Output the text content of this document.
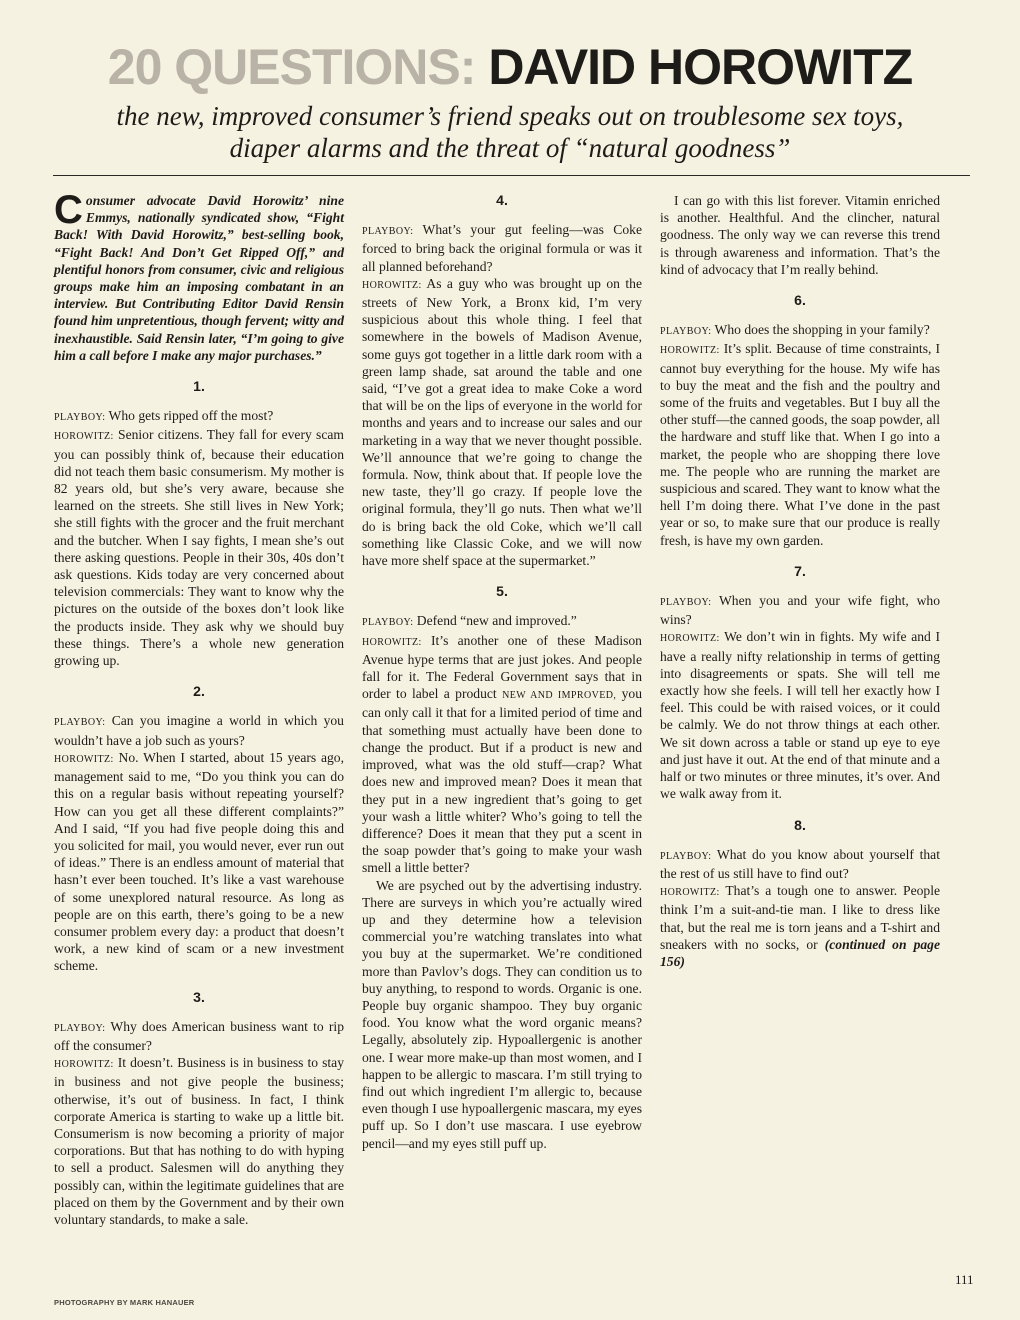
20 QUESTIONS: DAVID HOROWITZ
the new, improved consumer’s friend speaks out on troublesome sex toys, diaper alarms and the threat of “natural goodness”

Consumer advocate David Horowitz’ nine Emmys, nationally syndicated show, “Fight Back! With David Horowitz,” best-selling book, “Fight Back! And Don’t Get Ripped Off,” and plentiful honors from consumer, civic and religious groups make him an imposing combatant in an interview. But Contributing Editor David Rensin found him unpretentious, though fervent; witty and inexhaustible. Said Rensin later, “I’m going to give him a call before I make any major purchases.”

1.

PLAYBOY: Who gets ripped off the most?

HOROWITZ: Senior citizens. They fall for every scam you can possibly think of, because their education did not teach them basic consumerism. My mother is 82 years old, but she’s very aware, because she learned on the streets. She still lives in New York; she still fights with the grocer and the fruit merchant and the butcher. When I say fights, I mean she’s out there asking questions. People in their 30s, 40s don’t ask questions. Kids today are very concerned about television commercials: They want to know why the pictures on the outside of the boxes don’t look like the products inside. They ask why we should buy these things. There’s a whole new generation growing up.

2.

PLAYBOY: Can you imagine a world in which you wouldn’t have a job such as yours?

HOROWITZ: No. When I started, about 15 years ago, management said to me, “Do you think you can do this on a regular basis without repeating yourself? How can you get all these different complaints?” And I said, “If you had five people doing this and you solicited for mail, you would never, ever run out of ideas.” There is an endless amount of material that hasn’t ever been touched. It’s like a vast warehouse of some unexplored natural resource. As long as people are on this earth, there’s going to be a new consumer problem every day: a product that doesn’t work, a new kind of scam or a new investment scheme.

3.

PLAYBOY: Why does American business want to rip off the consumer?

HOROWITZ: It doesn’t. Business is in business to stay in business and not give people the business; otherwise, it’s out of business. In fact, I think corporate America is starting to wake up a little bit. Consumerism is now becoming a priority of major corporations. But that has nothing to do with hyping to sell a product. Salesmen will do anything they possibly can, within the legitimate guidelines that are placed on them by the Government and by their own voluntary standards, to make a sale.

4.

PLAYBOY: What’s your gut feeling—was Coke forced to bring back the original formula or was it all planned beforehand?

HOROWITZ: As a guy who was brought up on the streets of New York, a Bronx kid, I’m very suspicious about this whole thing. I feel that somewhere in the bowels of Madison Avenue, some guys got together in a little dark room with a green lamp shade, sat around the table and one said, “I’ve got a great idea to make Coke a word that will be on the lips of everyone in the world for months and years and to increase our sales and our marketing in a way that we never thought possible. We’ll announce that we’re going to change the formula. Now, think about that. If people love the new taste, they’ll go crazy. If people love the original formula, they’ll go nuts. Then what we’ll do is bring back the old Coke, which we’ll call something like Classic Coke, and we will now have more shelf space at the supermarket.”

5.

PLAYBOY: Defend “new and improved.”

HOROWITZ: It’s another one of these Madison Avenue hype terms that are just jokes. And people fall for it. The Federal Government says that in order to label a product NEW AND IMPROVED, you can only call it that for a limited period of time and that something must actually have been done to change the product. But if a product is new and improved, what was the old stuff—crap? What does new and improved mean? Does it mean that they put in a new ingredient that’s going to get your wash a little whiter? Who’s going to tell the difference? Does it mean that they put a scent in the soap powder that’s going to make your wash smell a little better?

We are psyched out by the advertising industry. There are surveys in which you’re actually wired up and they determine how a television commercial you’re watching translates into what you buy at the supermarket. We’re conditioned more than Pavlov’s dogs. They can condition us to buy anything, to respond to words. Organic is one. People buy organic shampoo. They buy organic food. You know what the word organic means? Legally, absolutely zip. Hypoallergenic is another one. I wear more make-up than most women, and I happen to be allergic to mascara. I’m still trying to find out which ingredient I’m allergic to, because even though I use hypoallergenic mascara, my eyes puff up. So I don’t use mascara. I use eyebrow pencil—and my eyes still puff up.

I can go with this list forever. Vitamin enriched is another. Healthful. And the clincher, natural goodness. The only way we can reverse this trend is through awareness and information. That’s the kind of advocacy that I’m really behind.

6.

PLAYBOY: Who does the shopping in your family?

HOROWITZ: It’s split. Because of time constraints, I cannot buy everything for the house. My wife has to buy the meat and the fish and the poultry and some of the fruits and vegetables. But I buy all the other stuff—the canned goods, the soap powder, all the hardware and stuff like that. When I go into a market, the people who are shopping there love me. The people who are running the market are suspicious and scared. They want to know what the hell I’m doing there. What I’ve done in the past year or so, to make sure that our produce is really fresh, is have my own garden.

7.

PLAYBOY: When you and your wife fight, who wins?

HOROWITZ: We don’t win in fights. My wife and I have a really nifty relationship in terms of getting into disagreements or spats. She will tell me exactly how she feels. I will tell her exactly how I feel. This could be with raised voices, or it could be calmly. We do not throw things at each other. We sit down across a table or stand up eye to eye and just have it out. At the end of that minute and a half or two minutes or three minutes, it’s over. And we walk away from it.

8.

PLAYBOY: What do you know about yourself that the rest of us still have to find out?

HOROWITZ: That’s a tough one to answer. People think I’m a suit-and-tie man. I like to dress like that, but the real me is torn jeans and a T-shirt and sneakers with no socks, or (continued on page 156)

111
PHOTOGRAPHY BY MARK HANAUER
